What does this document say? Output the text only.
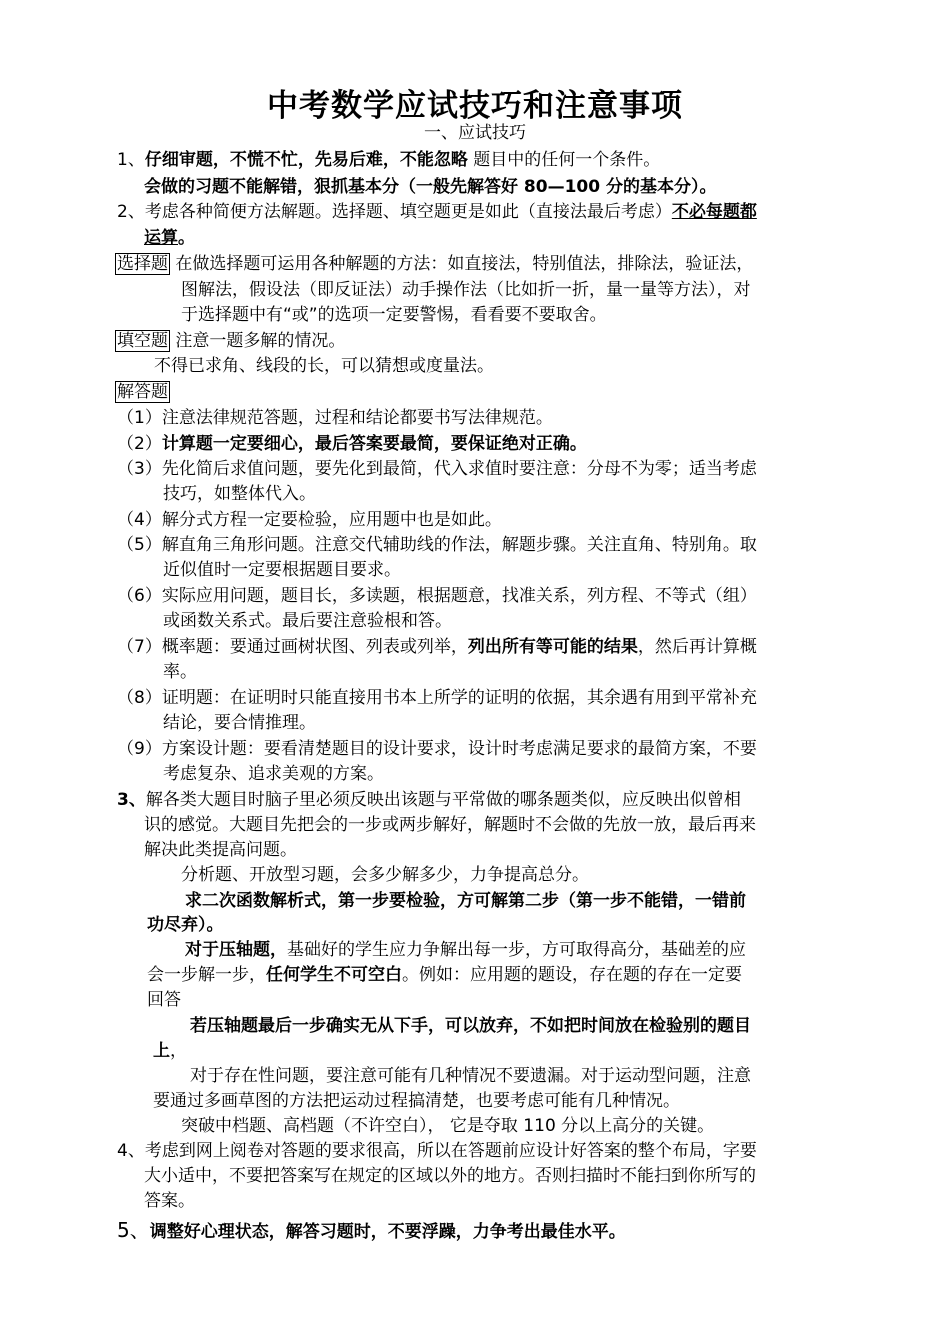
中考数学应试技巧和注意事项
一、应试技巧
1、仔细审题，不慌不忙，先易后难，不能忽略 题目中的任何一个条件。
会做的习题不能解错，狠抓基本分（一般先解答好 80—100 分的基本分）。
2、考虑各种简便方法解题。选择题、填空题更是如此（直接法最后考虑）不必每题都
运算。
选择题 在做选择题可运用各种解题的方法：如直接法，特别值法，排除法，验证法，
图解法，假设法（即反证法）动手操作法（比如折一折，量一量等方法），对
于选择题中有“或”的选项一定要警惕，看看要不要取舍。
填空题 注意一题多解的情况。
不得已求角、线段的长，可以猜想或度量法。
解答题
（1）注意法律规范答题，过程和结论都要书写法律规范。
（2）计算题一定要细心，最后答案要最简，要保证绝对正确。
（3）先化简后求值问题，要先化到最简，代入求值时要注意：分母不为零；适当考虑
技巧，如整体代入。
（4）解分式方程一定要检验，应用题中也是如此。
（5）解直角三角形问题。注意交代辅助线的作法，解题步骤。关注直角、特别角。取
近似值时一定要根据题目要求。
（6）实际应用问题，题目长，多读题，根据题意，找准关系，列方程、不等式（组）
或函数关系式。最后要注意验根和答。
（7）概率题：要通过画树状图、列表或列举，列出所有等可能的结果，然后再计算概
率。
（8）证明题：在证明时只能直接用书本上所学的证明的依据，其余遇有用到平常补充
结论，要合情推理。
（9）方案设计题：要看清楚题目的设计要求，设计时考虑满足要求的最简方案，不要
考虑复杂、追求美观的方案。
3、解各类大题目时脑子里必须反映出该题与平常做的哪条题类似，应反映出似曾相
识的感觉。大题目先把会的一步或两步解好，解题时不会做的先放一放，最后再来
解决此类提高问题。
分析题、开放型习题，会多少解多少，力争提高总分。
求二次函数解析式，第一步要检验，方可解第二步（第一步不能错，一错前
功尽弃）。
对于压轴题，基础好的学生应力争解出每一步，方可取得高分，基础差的应
会一步解一步，任何学生不可空白。例如：应用题的题设，存在题的存在一定要
回答
若压轴题最后一步确实无从下手，可以放弃，不如把时间放在检验别的题目
上，
对于存在性问题，要注意可能有几种情况不要遗漏。对于运动型问题，注意
要通过多画草图的方法把运动过程搞清楚，也要考虑可能有几种情况。
突破中档题、高档题（不许空白）， 它是夺取 110 分以上高分的关键。
4、考虑到网上阅卷对答题的要求很高，所以在答题前应设计好答案的整个布局，字要
大小适中，不要把答案写在规定的区域以外的地方。否则扫描时不能扫到你所写的
答案。
5、调整好心理状态，解答习题时，不要浮躁，力争考出最佳水平。
